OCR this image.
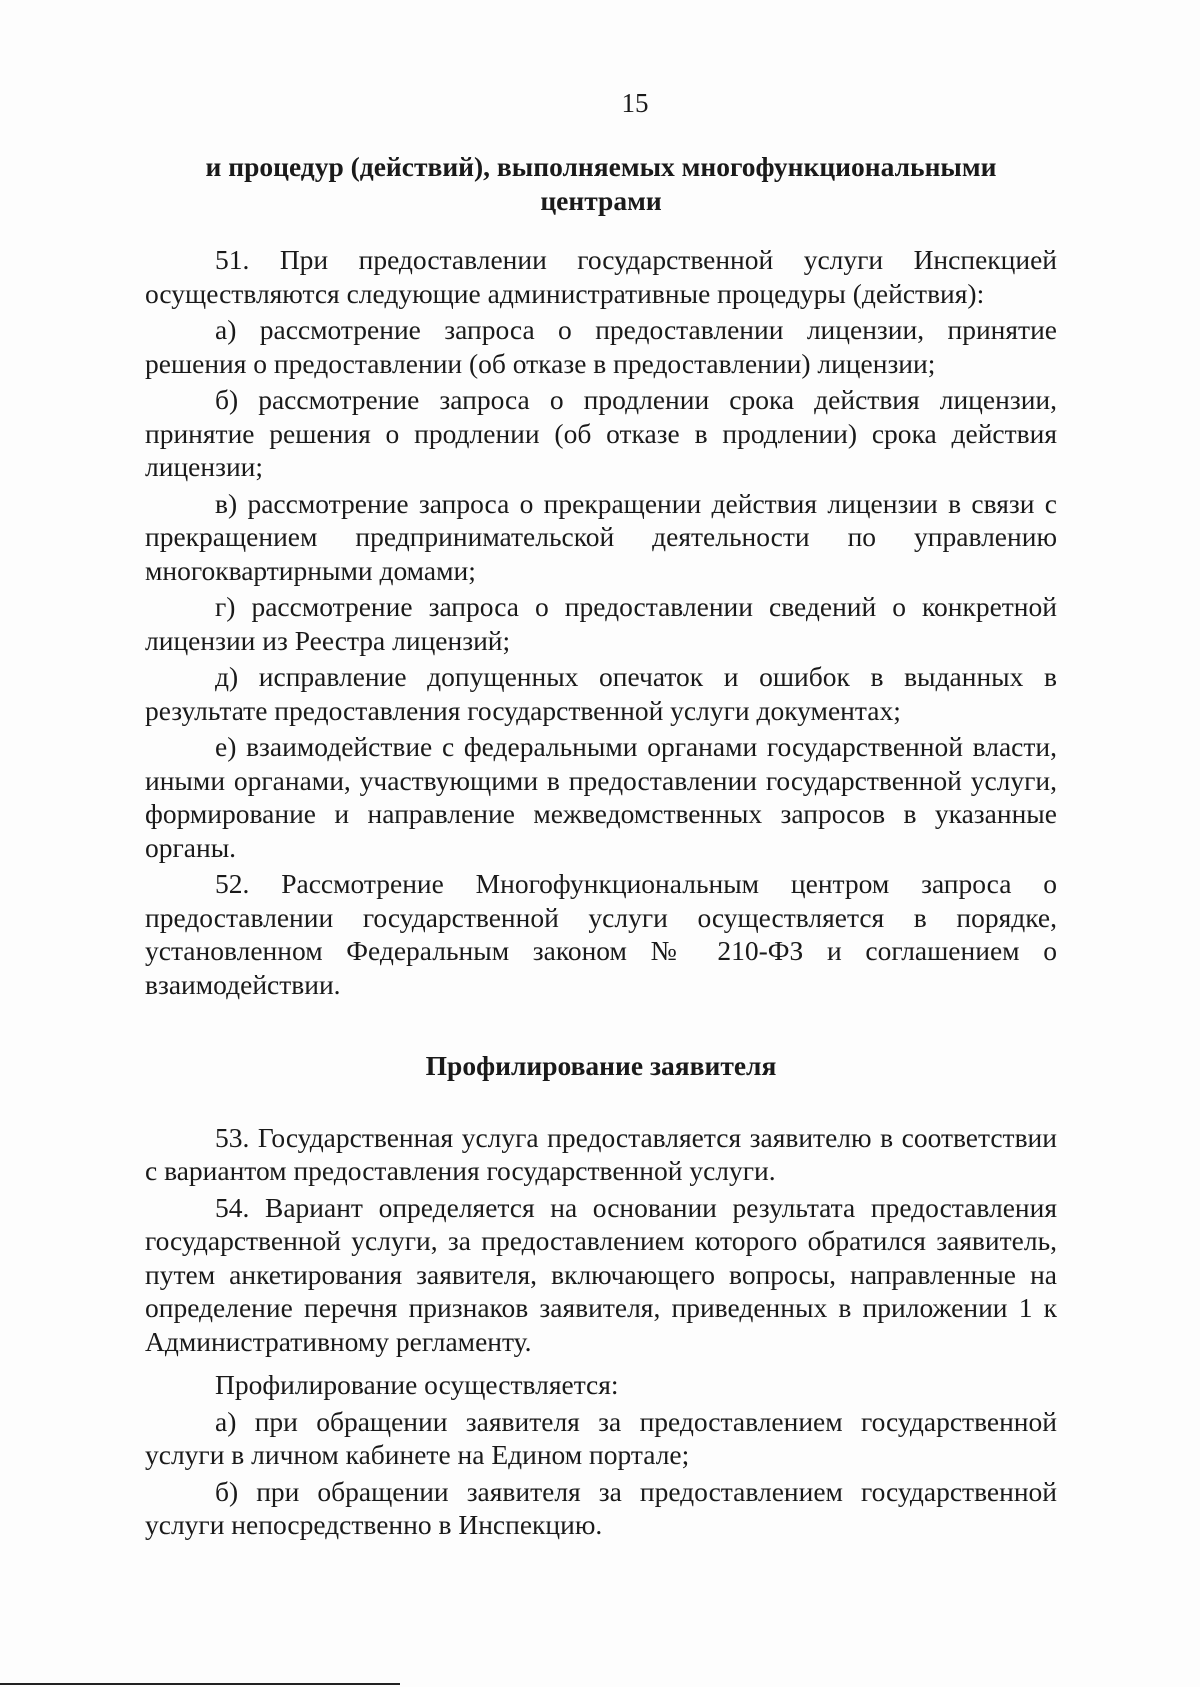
15

и процедур (действий), выполняемых многофункциональными центрами

51. При предоставлении государственной услуги Инспекцией осуществляются следующие административные процедуры (действия):

а) рассмотрение запроса о предоставлении лицензии, принятие решения о предоставлении (об отказе в предоставлении) лицензии;

б) рассмотрение запроса о продлении срока действия лицензии, принятие решения о продлении (об отказе в продлении) срока действия лицензии;

в) рассмотрение запроса о прекращении действия лицензии в связи с прекращением предпринимательской деятельности по управлению многоквартирными домами;

г) рассмотрение запроса о предоставлении сведений о конкретной лицензии из Реестра лицензий;

д) исправление допущенных опечаток и ошибок в выданных в результате предоставления государственной услуги документах;

е) взаимодействие с федеральными органами государственной власти, иными органами, участвующими в предоставлении государственной услуги, формирование и направление межведомственных запросов в указанные органы.

52. Рассмотрение Многофункциональным центром запроса о предоставлении государственной услуги осуществляется в порядке, установленном Федеральным законом № 210-ФЗ и соглашением о взаимодействии.

Профилирование заявителя

53. Государственная услуга предоставляется заявителю в соответствии с вариантом предоставления государственной услуги.

54. Вариант определяется на основании результата предоставления государственной услуги, за предоставлением которого обратился заявитель, путем анкетирования заявителя, включающего вопросы, направленные на определение перечня признаков заявителя, приведенных в приложении 1 к Административному регламенту.

Профилирование осуществляется:

а) при обращении заявителя за предоставлением государственной услуги в личном кабинете на Едином портале;

б) при обращении заявителя за предоставлением государственной услуги непосредственно в Инспекцию.
